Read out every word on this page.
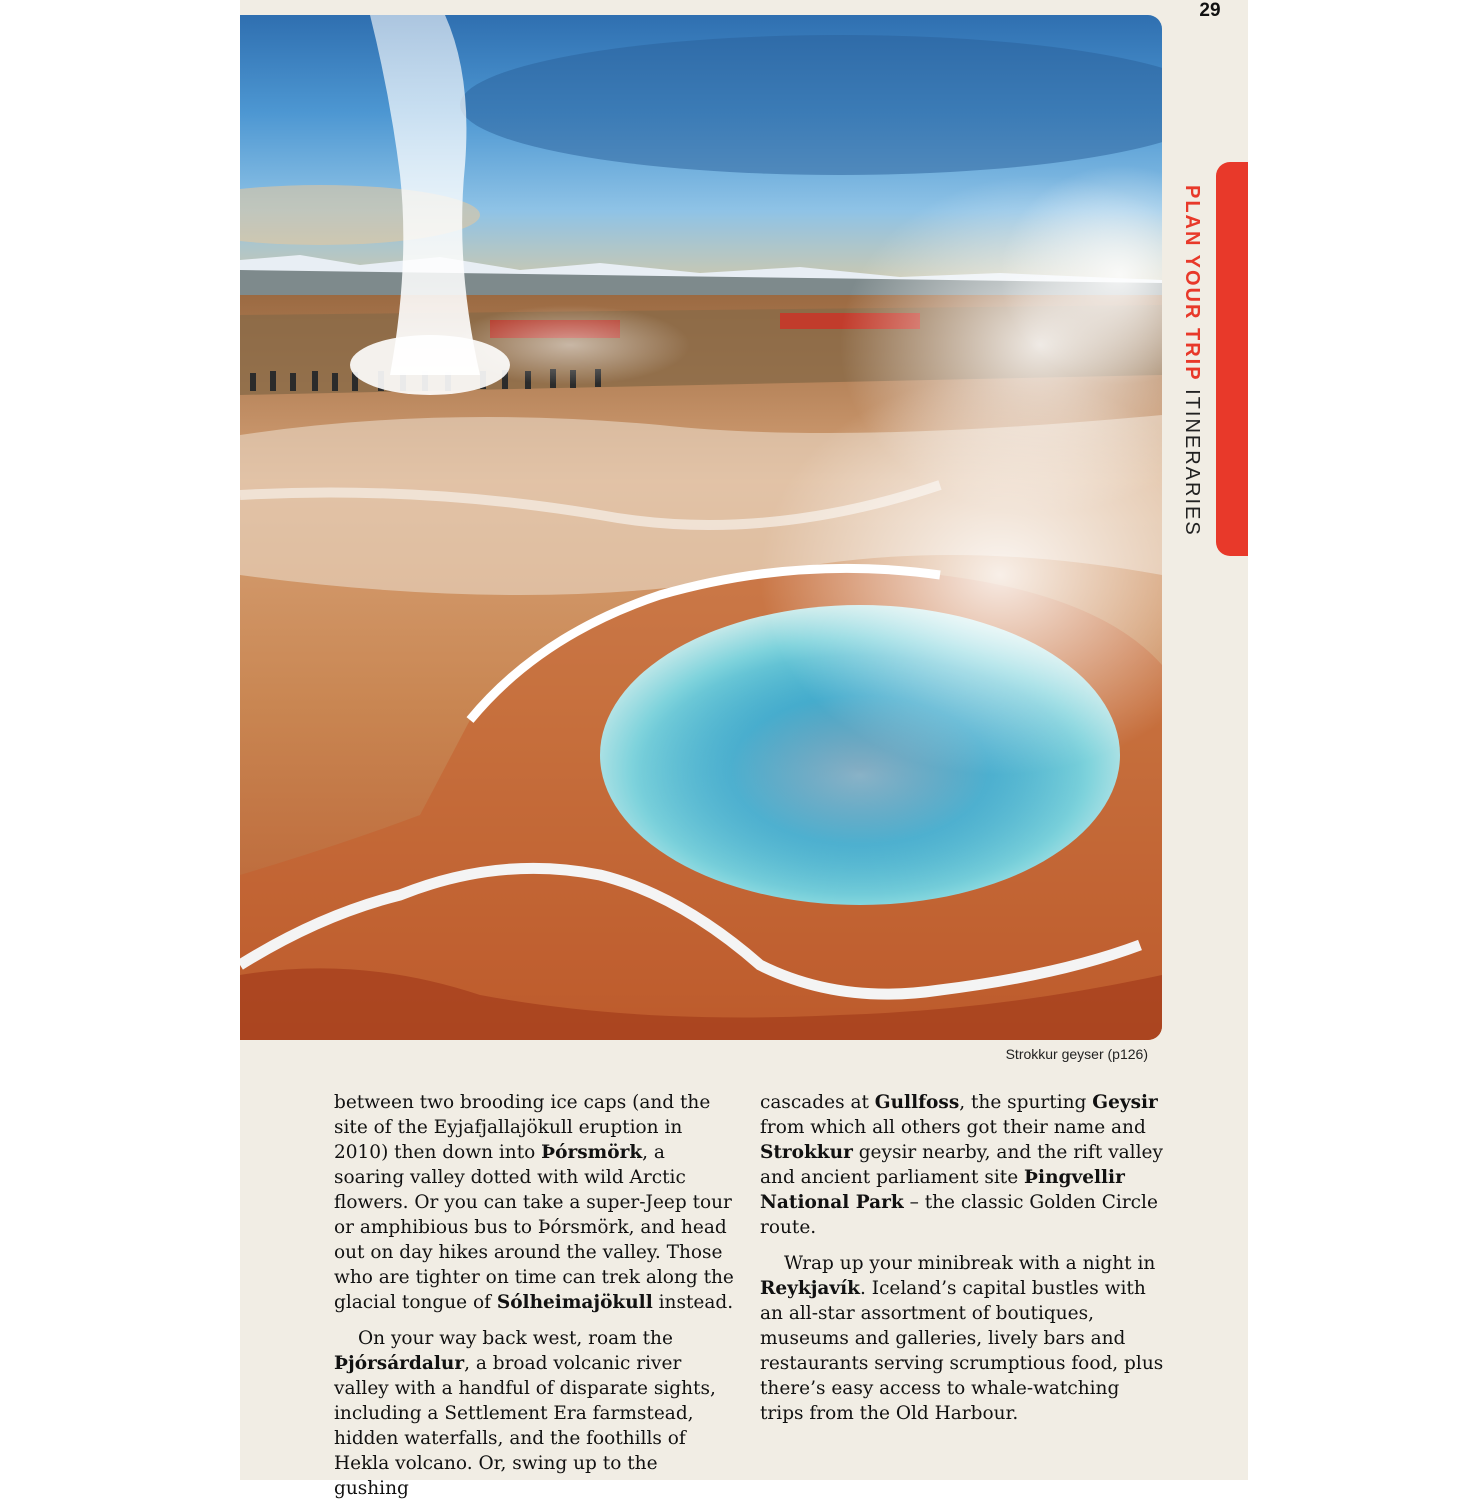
29
PLAN YOUR TRIP ITINERARIES
Strokkur geyser (p126)

between two brooding ice caps (and the site of the Eyjafjallajökull eruption in 2010) then down into Þórsmörk, a soaring valley dotted with wild Arctic flowers. Or you can take a super-Jeep tour or amphibious bus to Þórsmörk, and head out on day hikes around the valley. Those who are tighter on time can trek along the glacial tongue of Sólheimajökull instead.

On your way back west, roam the Þjórsárdalur, a broad volcanic river valley with a handful of disparate sights, including a Settlement Era farmstead, hidden waterfalls, and the foothills of Hekla volcano. Or, swing up to the gushing

cascades at Gullfoss, the spurting Geysir from which all others got their name and Strokkur geysir nearby, and the rift valley and ancient parliament site Þingvellir National Park – the classic Golden Circle route.

Wrap up your minibreak with a night in Reykjavík. Iceland’s capital bustles with an all-star assortment of boutiques, museums and galleries, lively bars and restaurants serving scrumptious food, plus there’s easy access to whale-watching trips from the Old Harbour.
